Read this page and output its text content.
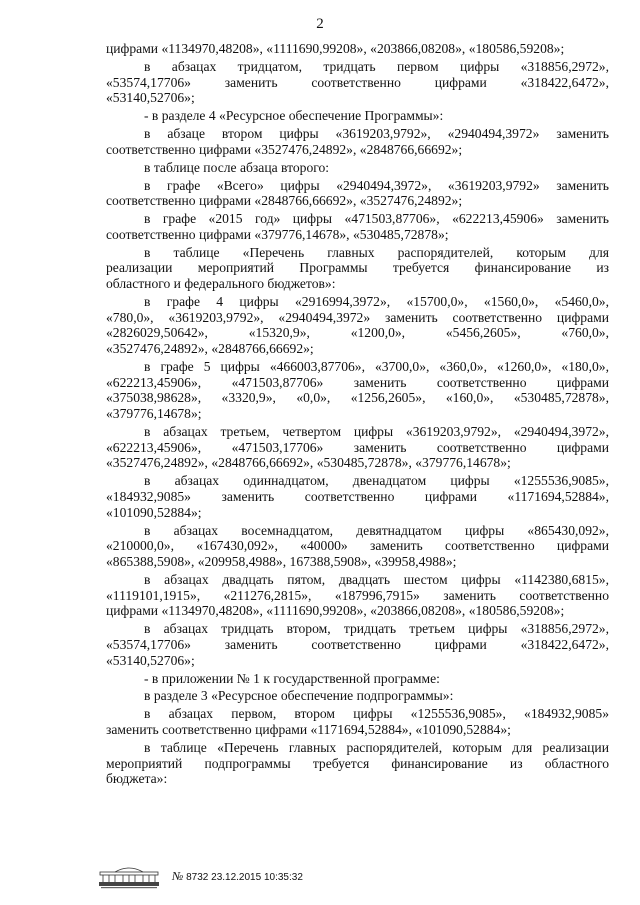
2

цифрами «1134970,48208», «1111690,99208», «203866,08208», «180586,59208»;

в абзацах тридцатом, тридцать первом цифры «318856,2972»,

«53574,17706» заменить соответственно цифрами «318422,6472»,

«53140,52706»;

- в разделе 4 «Ресурсное обеспечение Программы»:

в абзаце втором цифры «3619203,9792», «2940494,3972» заменить

соответственно цифрами «3527476,24892», «2848766,66692»;

в таблице после абзаца второго:

в графе «Всего» цифры «2940494,3972», «3619203,9792» заменить

соответственно цифрами «2848766,66692», «3527476,24892»;

в графе «2015 год» цифры «471503,87706», «622213,45906» заменить

соответственно цифрами «379776,14678», «530485,72878»;

в таблице «Перечень главных распорядителей, которым для

реализации мероприятий Программы требуется финансирование из

областного и федерального бюджетов»:

в графе 4 цифры «2916994,3972», «15700,0», «1560,0», «5460,0»,

«780,0», «3619203,9792», «2940494,3972» заменить соответственно цифрами

«2826029,50642», «15320,9», «1200,0», «5456,2605», «760,0»,

«3527476,24892», «2848766,66692»;

в графе 5 цифры «466003,87706», «3700,0», «360,0», «1260,0», «180,0»,

«622213,45906», «471503,87706» заменить соответственно цифрами

«375038,98628», «3320,9», «0,0», «1256,2605», «160,0», «530485,72878»,

«379776,14678»;

в абзацах третьем, четвертом цифры «3619203,9792», «2940494,3972»,

«622213,45906», «471503,17706» заменить соответственно цифрами

«3527476,24892», «2848766,66692», «530485,72878», «379776,14678»;

в абзацах одиннадцатом, двенадцатом цифры «1255536,9085»,

«184932,9085» заменить соответственно цифрами «1171694,52884»,

«101090,52884»;

в абзацах восемнадцатом, девятнадцатом цифры «865430,092»,

«210000,0», «167430,092», «40000» заменить соответственно цифрами

«865388,5908», «209958,4988», 167388,5908», «39958,4988»;

в абзацах двадцать пятом, двадцать шестом цифры «1142380,6815»,

«1119101,1915», «211276,2815», «187996,7915» заменить соответственно

цифрами «1134970,48208», «1111690,99208», «203866,08208», «180586,59208»;

в абзацах тридцать втором, тридцать третьем цифры «318856,2972»,

«53574,17706» заменить соответственно цифрами «318422,6472»,

«53140,52706»;

- в приложении № 1 к государственной программе:

в разделе 3 «Ресурсное обеспечение подпрограммы»:

в абзацах первом, втором цифры «1255536,9085», «184932,9085»

заменить соответственно цифрами «1171694,52884», «101090,52884»;

в таблице «Перечень главных распорядителей, которым для реализации

мероприятий подпрограммы требуется финансирование из областного

бюджета»:

№ 8732 23.12.2015 10:35:32
